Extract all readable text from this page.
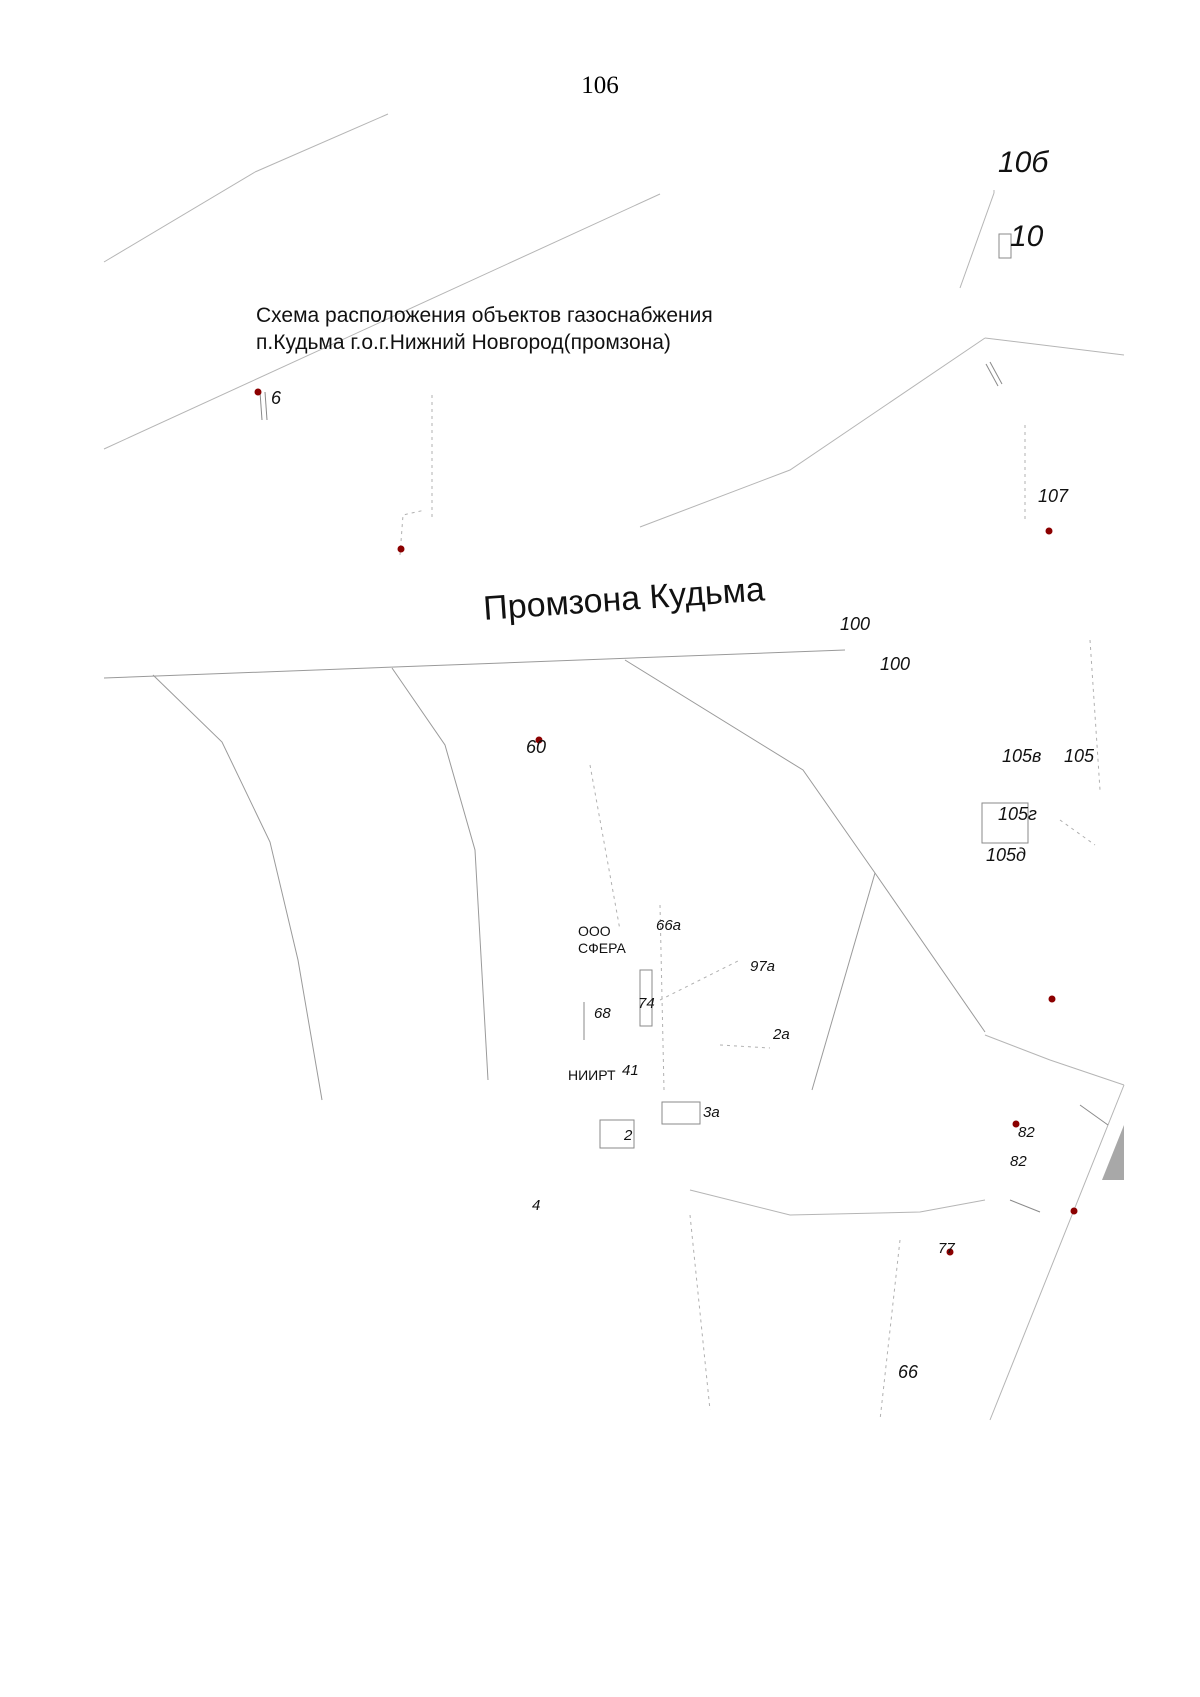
106
10б
10
6
107
100
100
60	105в 105
105г
105д
66а
97а
74
68
2а
41
3а
2	82
82
4
77
66
ООО
СФЕРА
НИИРТ
Схема расположения объектов газоснабжения
п.Кудьма г.о.г.Нижний Новгород(промзона)
Промзона Кудьма
